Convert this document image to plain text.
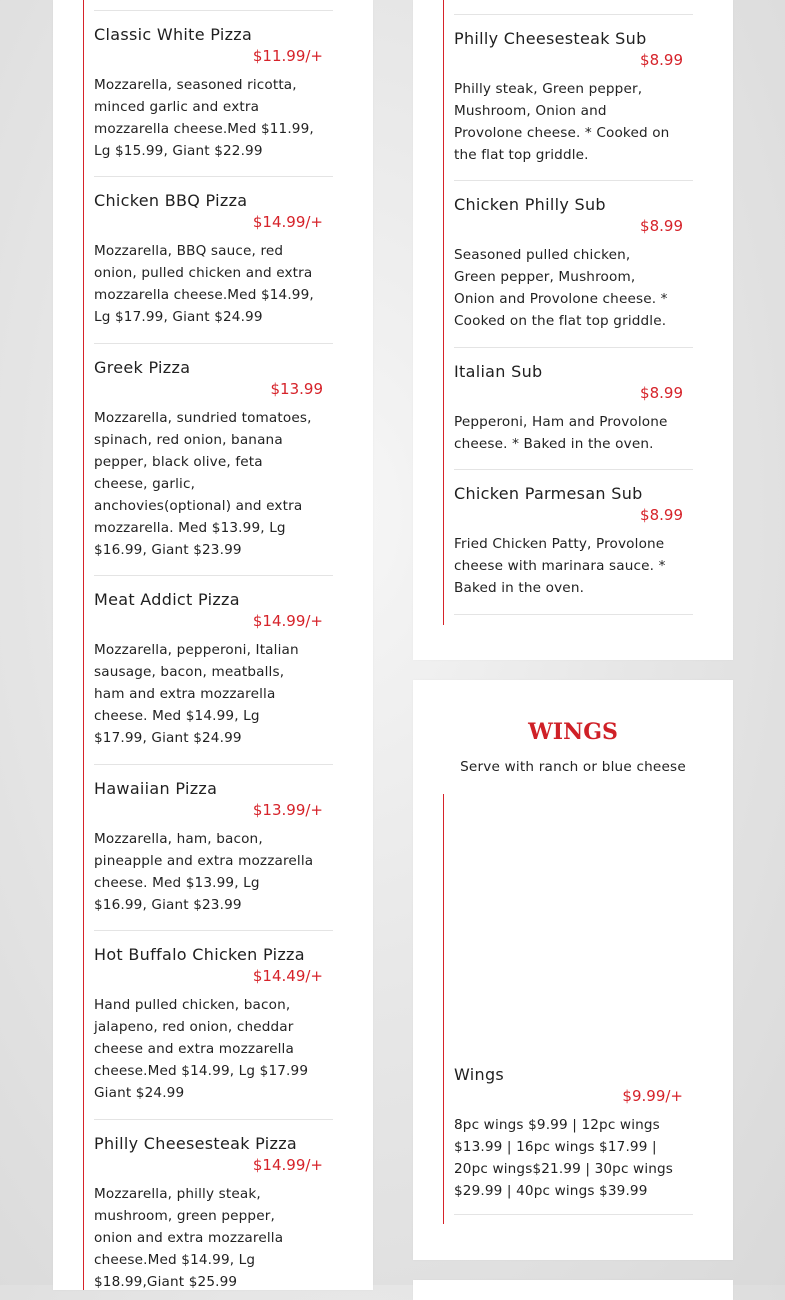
Classic White Pizza
$11.99/+
Mozzarella, seasoned ricotta, minced garlic and extra mozzarella cheese.Med $11.99, Lg $15.99, Giant $22.99
Chicken BBQ Pizza
$14.99/+
Mozzarella, BBQ sauce, red onion, pulled chicken and extra mozzarella cheese.Med $14.99, Lg $17.99, Giant $24.99
Greek Pizza
$13.99
Mozzarella, sundried tomatoes, spinach, red onion, banana pepper, black olive, feta cheese, garlic, anchovies(optional) and extra mozzarella. Med $13.99, Lg $16.99, Giant $23.99
Meat Addict Pizza
$14.99/+
Mozzarella, pepperoni, Italian sausage, bacon, meatballs, ham and extra mozzarella cheese. Med $14.99, Lg $17.99, Giant $24.99
Hawaiian Pizza
$13.99/+
Mozzarella, ham, bacon, pineapple and extra mozzarella cheese. Med $13.99, Lg $16.99, Giant $23.99
Hot Buffalo Chicken Pizza
$14.49/+
Hand pulled chicken, bacon, jalapeno, red onion, cheddar cheese and extra mozzarella cheese.Med $14.99, Lg $17.99 Giant $24.99
Philly Cheesesteak Pizza
$14.99/+
Mozzarella, philly steak, mushroom, green pepper, onion and extra mozzarella cheese.Med $14.99, Lg $18.99,Giant $25.99
Philly Cheesesteak Sub
$8.99
Philly steak, Green pepper, Mushroom, Onion and Provolone cheese. * Cooked on the flat top griddle.
Chicken Philly Sub
$8.99
Seasoned pulled chicken, Green pepper, Mushroom, Onion and Provolone cheese. * Cooked on the flat top griddle.
Italian Sub
$8.99
Pepperoni, Ham and Provolone cheese. * Baked in the oven.
Chicken Parmesan Sub
$8.99
Fried Chicken Patty, Provolone cheese with marinara sauce. * Baked in the oven.
WINGS
Serve with ranch or blue cheese
Wings
$9.99/+
8pc wings $9.99 | 12pc wings $13.99 | 16pc wings $17.99 | 20pc wings$21.99 | 30pc wings $29.99 | 40pc wings $39.99
